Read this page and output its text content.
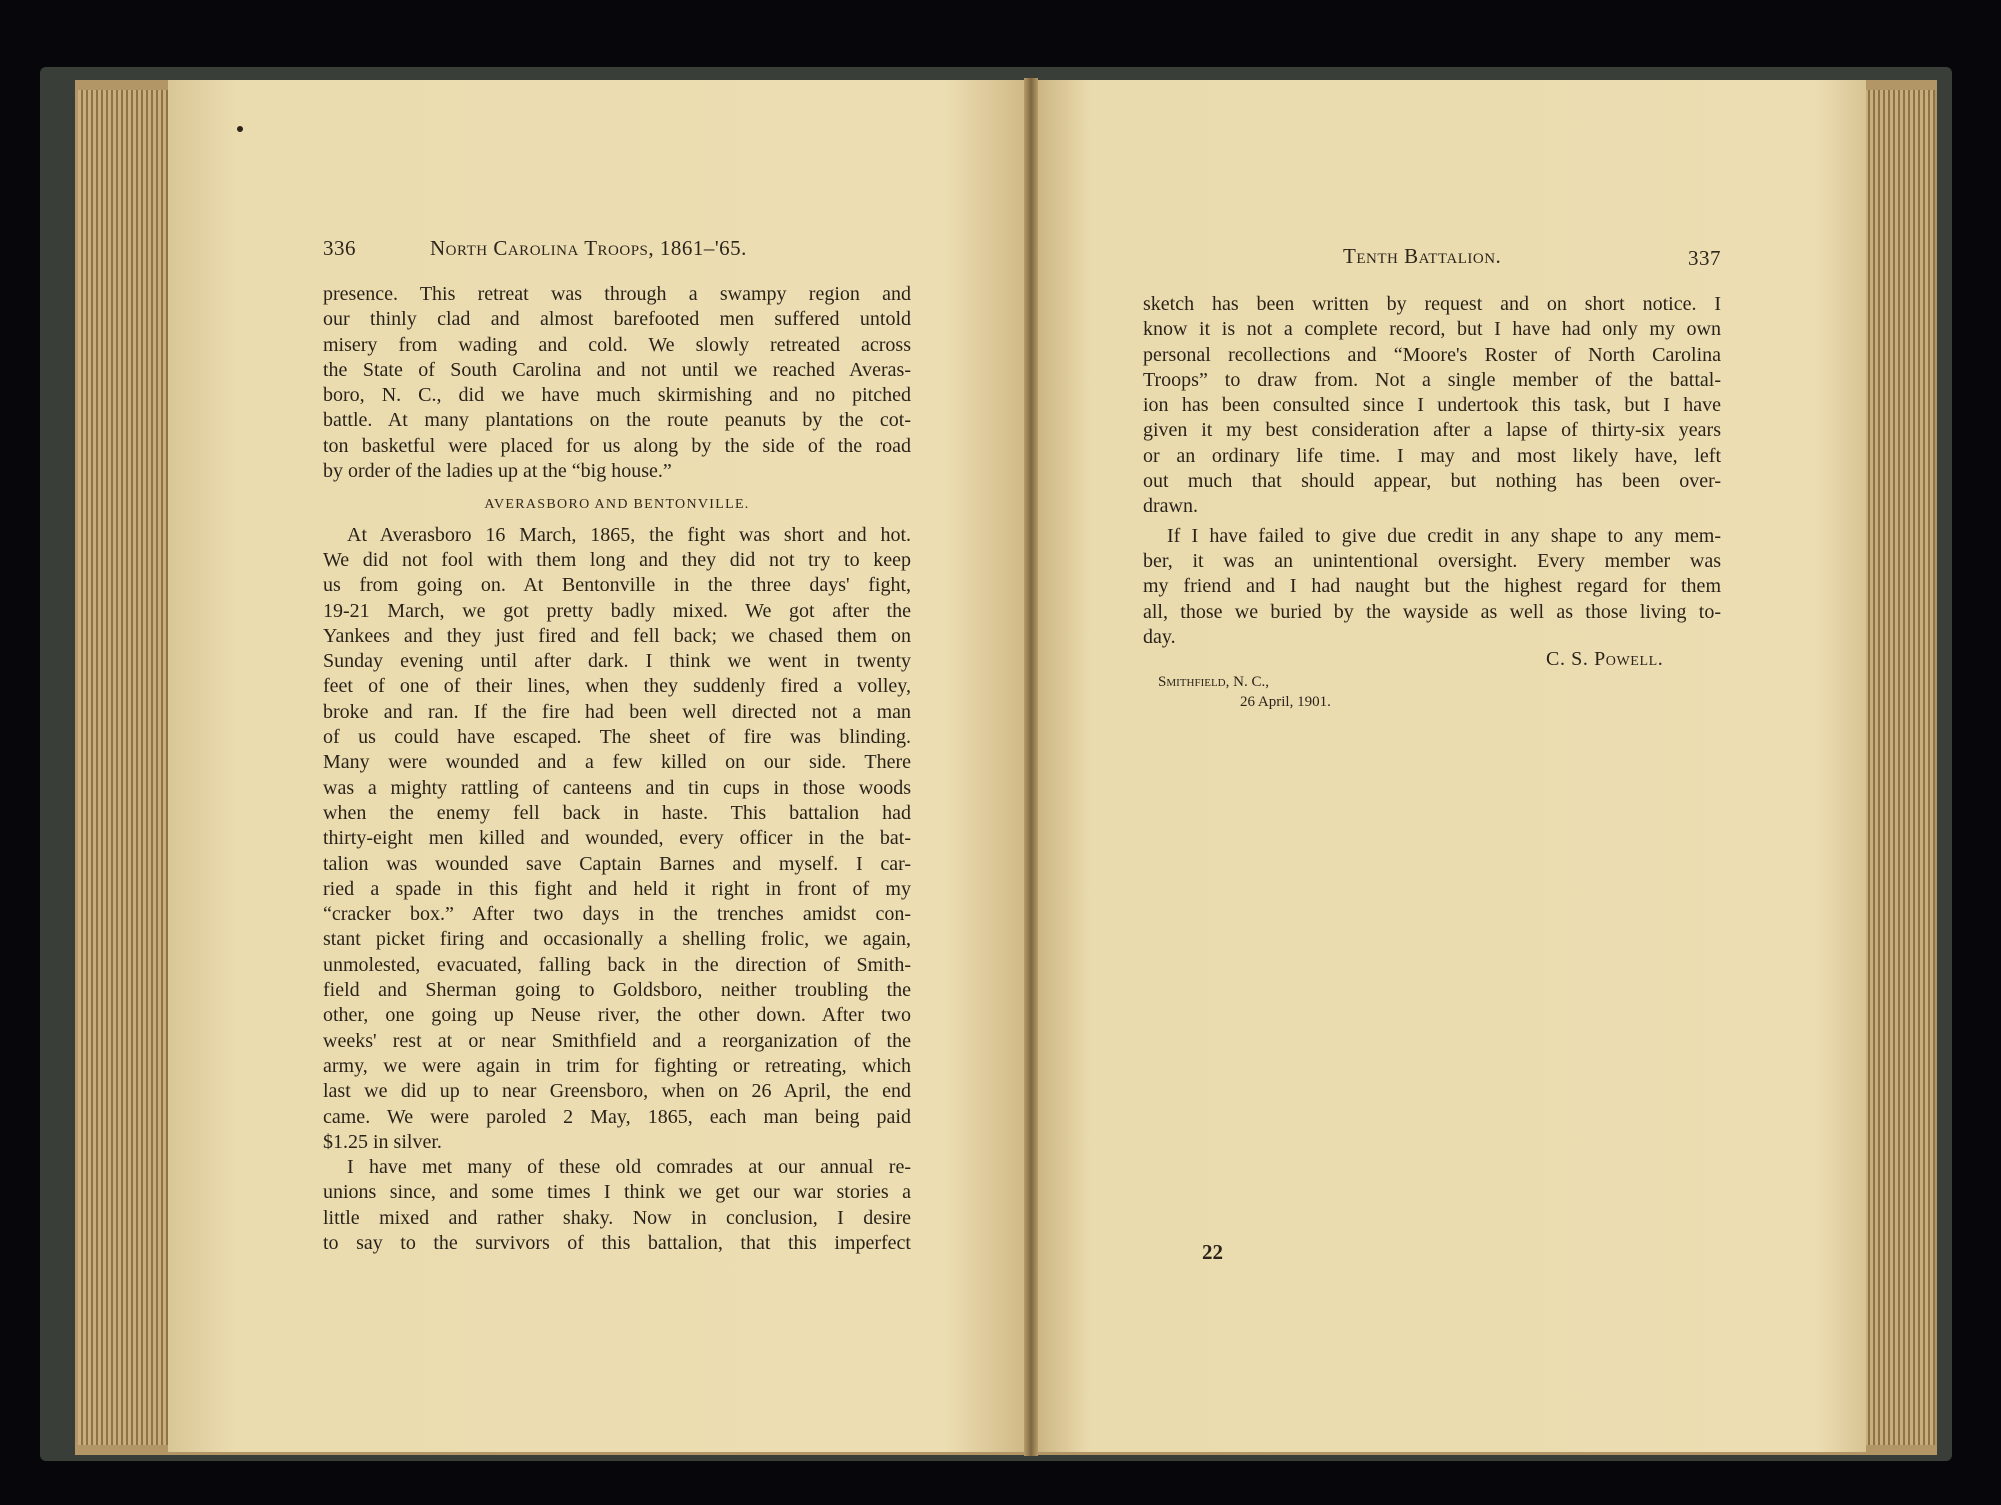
336	North Carolina Troops, 1861–'65.
presence. This retreat was through a swampy region and
our thinly clad and almost barefooted men suffered untold
misery from wading and cold. We slowly retreated across
the State of South Carolina and not until we reached Averas-
boro, N. C., did we have much skirmishing and no pitched
battle. At many plantations on the route peanuts by the cot-
ton basketful were placed for us along by the side of the road
by order of the ladies up at the “big house.”
AVERASBORO AND BENTONVILLE.
At Averasboro 16 March, 1865, the fight was short and hot.
We did not fool with them long and they did not try to keep
us from going on. At Bentonville in the three days' fight,
19-21 March, we got pretty badly mixed. We got after the
Yankees and they just fired and fell back; we chased them on
Sunday evening until after dark. I think we went in twenty
feet of one of their lines, when they suddenly fired a volley,
broke and ran. If the fire had been well directed not a man
of us could have escaped. The sheet of fire was blinding.
Many were wounded and a few killed on our side. There
was a mighty rattling of canteens and tin cups in those woods
when the enemy fell back in haste. This battalion had
thirty-eight men killed and wounded, every officer in the bat-
talion was wounded save Captain Barnes and myself. I car-
ried a spade in this fight and held it right in front of my
“cracker box.” After two days in the trenches amidst con-
stant picket firing and occasionally a shelling frolic, we again,
unmolested, evacuated, falling back in the direction of Smith-
field and Sherman going to Goldsboro, neither troubling the
other, one going up Neuse river, the other down. After two
weeks' rest at or near Smithfield and a reorganization of the
army, we were again in trim for fighting or retreating, which
last we did up to near Greensboro, when on 26 April, the end
came. We were paroled 2 May, 1865, each man being paid
$1.25 in silver.
I have met many of these old comrades at our annual re-
unions since, and some times I think we get our war stories a
little mixed and rather shaky. Now in conclusion, I desire
to say to the survivors of this battalion, that this imperfect
Tenth Battalion.	337
sketch has been written by request and on short notice. I
know it is not a complete record, but I have had only my own
personal recollections and “Moore's Roster of North Carolina
Troops” to draw from. Not a single member of the battal-
ion has been consulted since I undertook this task, but I have
given it my best consideration after a lapse of thirty-six years
or an ordinary life time. I may and most likely have, left
out much that should appear, but nothing has been over-
drawn.
If I have failed to give due credit in any shape to any mem-
ber, it was an unintentional oversight. Every member was
my friend and I had naught but the highest regard for them
all, those we buried by the wayside as well as those living to-
day.
C. S. Powell.
Smithfield, N. C.,
26 April, 1901.
22
